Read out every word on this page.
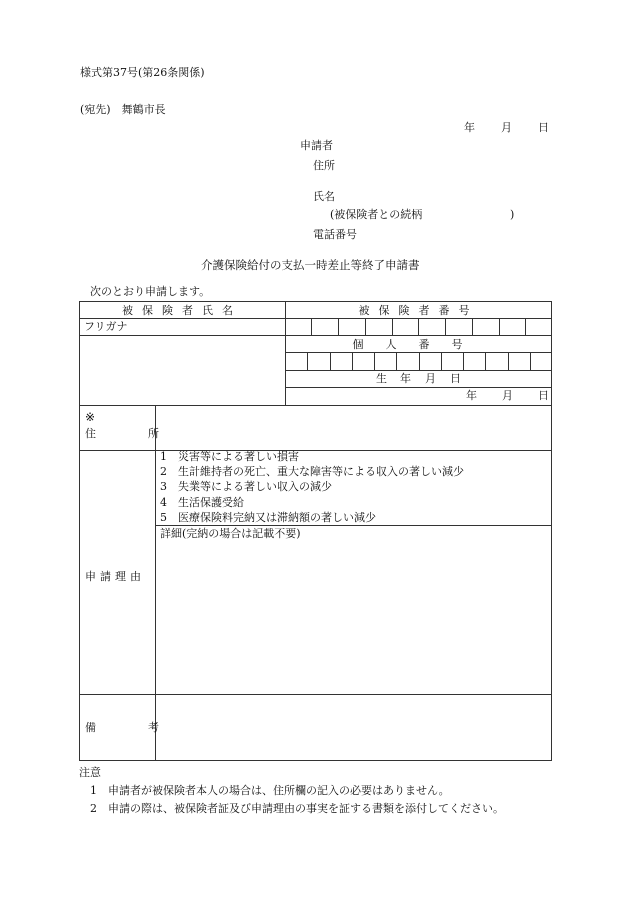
様式第37号(第26条関係)
(宛先)　舞鶴市長
年 月 日
申請者
住所
氏名
(被保険者との続柄	)
電話番号
介護保険給付の支払一時差止等終了申請書
次のとおり申請します。
被保険者氏名	被保険者番号
フリガナ
個人番号
生 年 月 日
年 月 日
※
住　　所
1　災害等による著しい損害
2　生計維持者の死亡、重大な障害等による収入の著しい減少
3　失業等による著しい収入の減少
4　生活保護受給
5　医療保険料完納又は滞納額の著しい減少
詳細(完納の場合は記載不要)
申請理由
備　　考
注意
1　申請者が被保険者本人の場合は、住所欄の記入の必要はありません。
2　申請の際は、被保険者証及び申請理由の事実を証する書類を添付してください。
